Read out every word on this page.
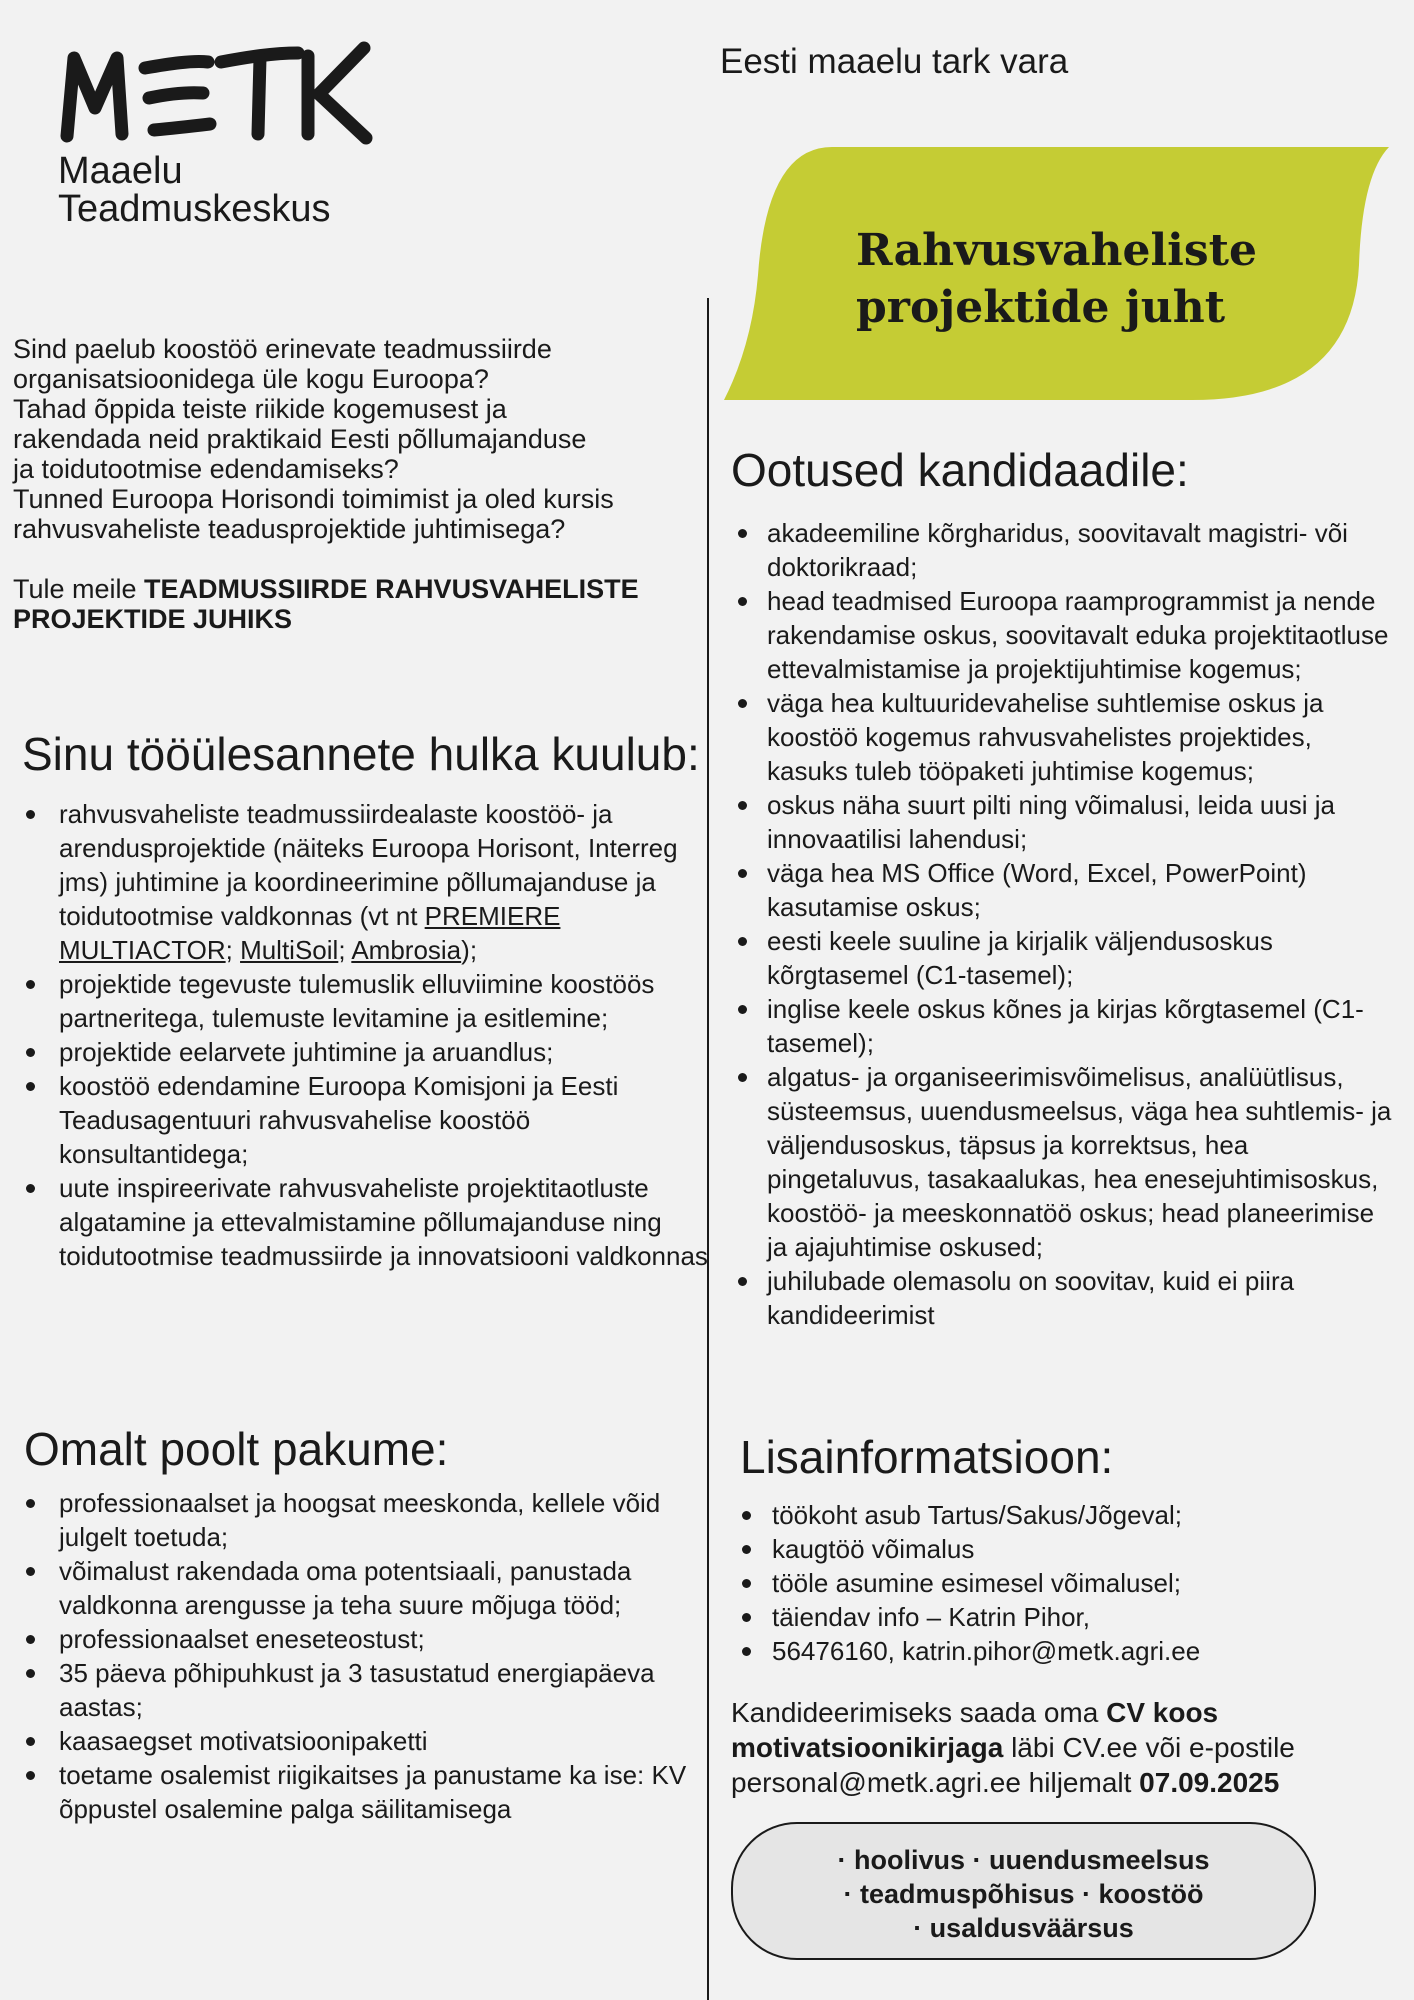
Maaelu
Teadmuskeskus
Eesti maaelu tark vara
Rahvusvaheliste
projektide juht

Sind paelub koostöö erinevate teadmussiirde

organisatsioonidega üle kogu Euroopa?

Tahad õppida teiste riikide kogemusest ja

rakendada neid praktikaid Eesti põllumajanduse

ja toidutootmise edendamiseks?

Tunned Euroopa Horisondi toimimist ja oled kursis

rahvusvaheliste teadusprojektide juhtimisega?

Tule meile TEADMUSSIIRDE RAHVUSVAHELISTE

PROJEKTIDE JUHIKS

Sinu tööülesannete hulka kuulub:
rahvusvaheliste teadmussiirdealaste koostöö- ja arendusprojektide (näiteks Euroopa Horisont, Interreg jms) juhtimine ja koordineerimine põllumajanduse ja toidutootmise valdkonnas (vt nt PREMIERE MULTIACTOR; MultiSoil; Ambrosia);
projektide tegevuste tulemuslik elluviimine koostöös partneritega, tulemuste levitamine ja esitlemine;
projektide eelarvete juhtimine ja aruandlus;
koostöö edendamine Euroopa Komisjoni ja Eesti Teadusagentuuri rahvusvahelise koostöö konsultantidega;
uute inspireerivate rahvusvaheliste projektitaotluste algatamine ja ettevalmistamine põllumajanduse ning toidutootmise teadmussiirde ja innovatsiooni valdkonnas
Omalt poolt pakume:
professionaalset ja hoogsat meeskonda, kellele võid julgelt toetuda;
võimalust rakendada oma potentsiaali, panustada valdkonna arengusse ja teha suure mõjuga tööd;
professionaalset eneseteostust;
35 päeva põhipuhkust ja 3 tasustatud energiapäeva aastas;
kaasaegset motivatsioonipaketti
toetame osalemist riigikaitses ja panustame ka ise: KV õppustel osalemine palga säilitamisega
Ootused kandidaadile:
akadeemiline kõrgharidus, soovitavalt magistri- või doktorikraad;
head teadmised Euroopa raamprogrammist ja nende rakendamise oskus, soovitavalt eduka projektitaotluse ettevalmistamise ja projektijuhtimise kogemus;
väga hea kultuuridevahelise suhtlemise oskus ja koostöö kogemus rahvusvahelistes projektides, kasuks tuleb tööpaketi juhtimise kogemus;
oskus näha suurt pilti ning võimalusi, leida uusi ja innovaatilisi lahendusi;
väga hea MS Office (Word, Excel, PowerPoint) kasutamise oskus;
eesti keele suuline ja kirjalik väljendusoskus kõrgtasemel (C1-tasemel);
inglise keele oskus kõnes ja kirjas kõrgtasemel (C1-tasemel);
algatus- ja organiseerimisvõimelisus, analüütlisus, süsteemsus, uuendusmeelsus, väga hea suhtlemis- ja väljendusoskus, täpsus ja korrektsus, hea pingetaluvus, tasakaalukas, hea enesejuhtimisoskus, koostöö- ja meeskonnatöö oskus; head planeerimise ja ajajuhtimise oskused;
juhilubade olemasolu on soovitav, kuid ei piira kandideerimist
Lisainformatsioon:
töökoht asub Tartus/Sakus/Jõgeval;
kaugtöö võimalus
tööle asumine esimesel võimalusel;
täiendav info – Katrin Pihor,
56476160, katrin.pihor@metk.agri.ee
Kandideerimiseks saada oma CV koos
motivatsioonikirjaga läbi CV.ee või e-postile
personal@metk.agri.ee hiljemalt 07.09.2025
· hoolivus · uuendusmeelsus
· teadmuspõhisus · koostöö
· usaldusväärsus
